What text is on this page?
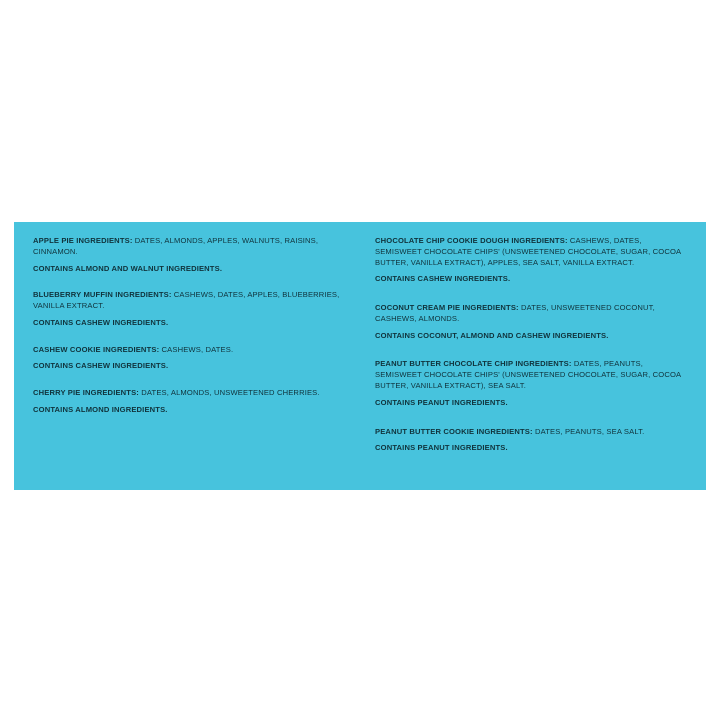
APPLE PIE INGREDIENTS: DATES, ALMONDS, APPLES, WALNUTS, RAISINS, CINNAMON.

CONTAINS ALMOND AND WALNUT INGREDIENTS.

BLUEBERRY MUFFIN INGREDIENTS: CASHEWS, DATES, APPLES, BLUEBERRIES, VANILLA EXTRACT.

CONTAINS CASHEW INGREDIENTS.

CASHEW COOKIE INGREDIENTS: CASHEWS, DATES.

CONTAINS CASHEW INGREDIENTS.

CHERRY PIE INGREDIENTS: DATES, ALMONDS, UNSWEETENED CHERRIES.

CONTAINS ALMOND INGREDIENTS.

CHOCOLATE CHIP COOKIE DOUGH INGREDIENTS: CASHEWS, DATES, SEMISWEET CHOCOLATE CHIPS' (UNSWEETENED CHOCOLATE, SUGAR, COCOA BUTTER, VANILLA EXTRACT), APPLES, SEA SALT, VANILLA EXTRACT.

CONTAINS CASHEW INGREDIENTS.

COCONUT CREAM PIE INGREDIENTS: DATES, UNSWEETENED COCONUT, CASHEWS, ALMONDS.

CONTAINS COCONUT, ALMOND AND CASHEW INGREDIENTS.

PEANUT BUTTER CHOCOLATE CHIP INGREDIENTS: DATES, PEANUTS, SEMISWEET CHOCOLATE CHIPS' (UNSWEETENED CHOCOLATE, SUGAR, COCOA BUTTER, VANILLA EXTRACT), SEA SALT.

CONTAINS PEANUT INGREDIENTS.

PEANUT BUTTER COOKIE INGREDIENTS: DATES, PEANUTS, SEA SALT.

CONTAINS PEANUT INGREDIENTS.
